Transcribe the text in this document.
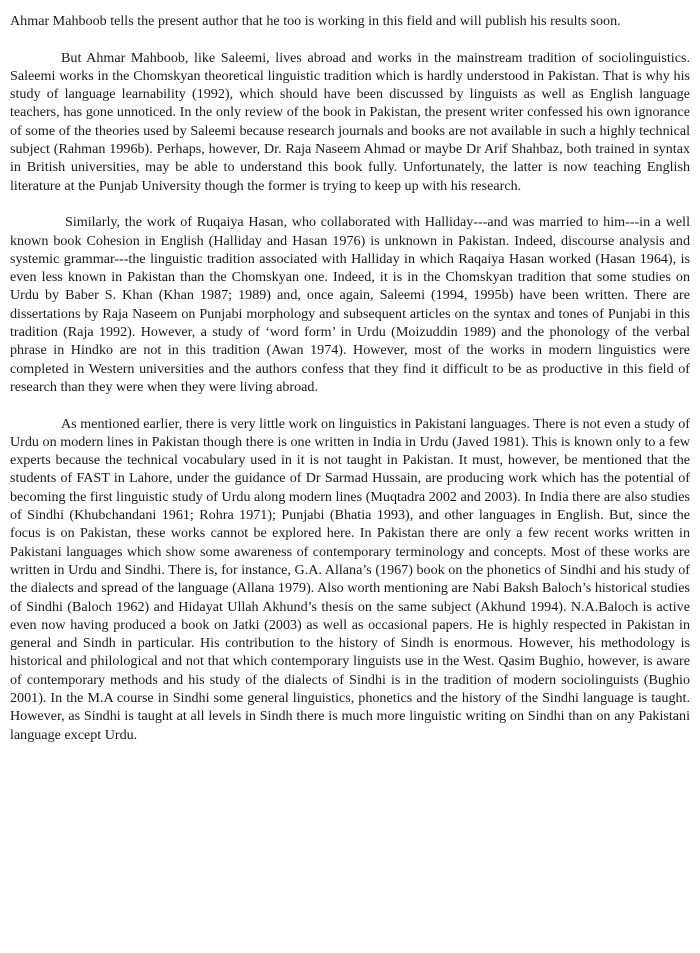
Ahmar Mahboob tells the present author that he too is working in this field and will publish his results soon.

But Ahmar Mahboob, like Saleemi, lives abroad and works in the mainstream tradition of sociolinguistics. Saleemi works in the Chomskyan theoretical linguistic tradition which is hardly understood in Pakistan. That is why his study of language learnability (1992), which should have been discussed by linguists as well as English language teachers, has gone unnoticed. In the only review of the book in Pakistan, the present writer confessed his own ignorance of some of the theories used by Saleemi because research journals and books are not available in such a highly technical subject (Rahman 1996b). Perhaps, however, Dr. Raja Naseem Ahmad or maybe Dr Arif Shahbaz, both trained in syntax in British universities, may be able to understand this book fully. Unfortunately, the latter is now teaching English literature at the Punjab University though the former is trying to keep up with his research.

Similarly, the work of Ruqaiya Hasan, who collaborated with Halliday---and was married to him---in a well known book Cohesion in English (Halliday and Hasan 1976) is unknown in Pakistan. Indeed, discourse analysis and systemic grammar---the linguistic tradition associated with Halliday in which Raqaiya Hasan worked (Hasan 1964), is even less known in Pakistan than the Chomskyan one. Indeed, it is in the Chomskyan tradition that some studies on Urdu by Baber S. Khan (Khan 1987; 1989) and, once again, Saleemi (1994, 1995b) have been written. There are dissertations by Raja Naseem on Punjabi morphology and subsequent articles on the syntax and tones of Punjabi in this tradition (Raja 1992). However, a study of ‘word form’ in Urdu (Moizuddin 1989) and the phonology of the verbal phrase in Hindko are not in this tradition (Awan 1974). However, most of the works in modern linguistics were completed in Western universities and the authors confess that they find it difficult to be as productive in this field of research than they were when they were living abroad.

As mentioned earlier, there is very little work on linguistics in Pakistani languages. There is not even a study of Urdu on modern lines in Pakistan though there is one written in India in Urdu (Javed 1981). This is known only to a few experts because the technical vocabulary used in it is not taught in Pakistan. It must, however, be mentioned that the students of FAST in Lahore, under the guidance of Dr Sarmad Hussain, are producing work which has the potential of becoming the first linguistic study of Urdu along modern lines (Muqtadra 2002 and 2003). In India there are also studies of Sindhi (Khubchandani 1961; Rohra 1971); Punjabi (Bhatia 1993), and other languages in English. But, since the focus is on Pakistan, these works cannot be explored here. In Pakistan there are only a few recent works written in Pakistani languages which show some awareness of contemporary terminology and concepts. Most of these works are written in Urdu and Sindhi. There is, for instance, G.A. Allana’s (1967) book on the phonetics of Sindhi and his study of the dialects and spread of the language (Allana 1979). Also worth mentioning are Nabi Baksh Baloch’s historical studies of Sindhi (Baloch 1962) and Hidayat Ullah Akhund’s thesis on the same subject (Akhund 1994). N.A.Baloch is active even now having produced a book on Jatki (2003) as well as occasional papers. He is highly respected in Pakistan in general and Sindh in particular. His contribution to the history of Sindh is enormous. However, his methodology is historical and philological and not that which contemporary linguists use in the West. Qasim Bughio, however, is aware of contemporary methods and his study of the dialects of Sindhi is in the tradition of modern sociolinguists (Bughio 2001). In the M.A course in Sindhi some general linguistics, phonetics and the history of the Sindhi language is taught. However, as Sindhi is taught at all levels in Sindh there is much more linguistic writing on Sindhi than on any Pakistani language except Urdu.
